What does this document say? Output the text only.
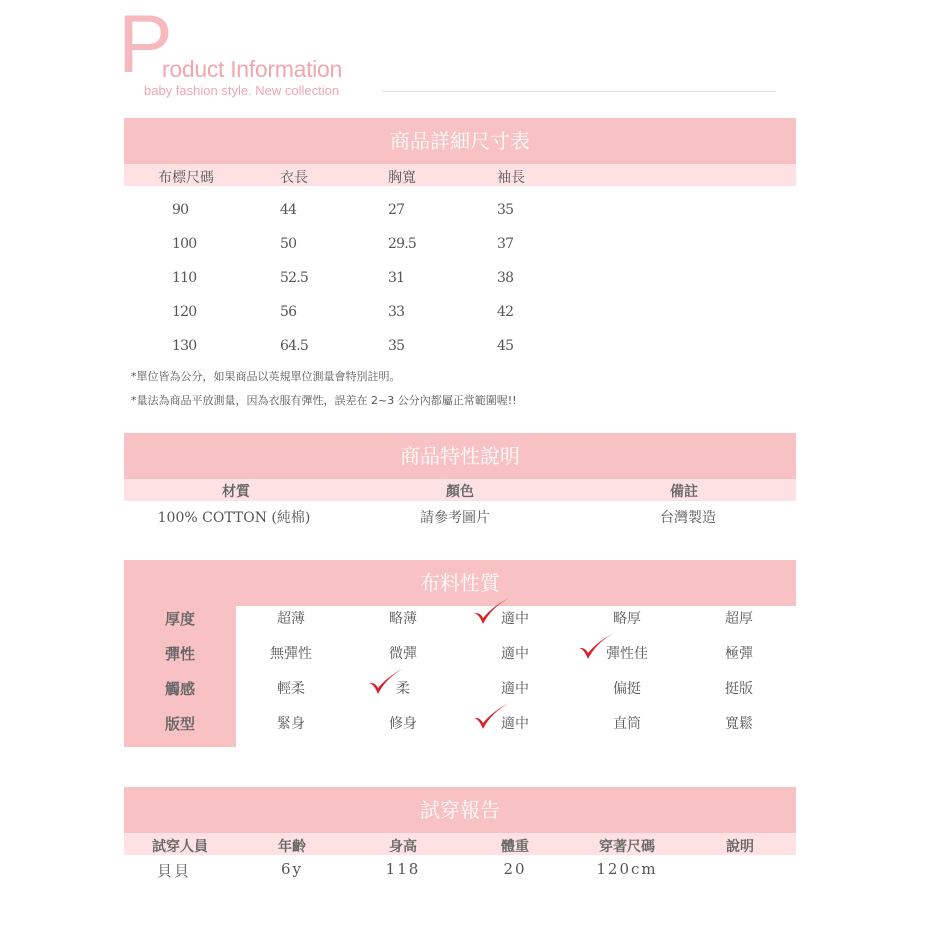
P
roduct Information
baby fashion style. New collection
商品詳細尺寸表
布標尺碼	衣長	胸寬	袖長
90	44	27	35
100	50	29.5	37
110	52.5	31	38
120	56	33	42
130	64.5	35	45
*單位皆為公分，如果商品以英規單位測量會特別註明。
*量法為商品平放測量，因為衣服有彈性，誤差在 2~3 公分內都屬正常範圍喔!!
商品特性說明
材質	顏色	備註
100% COTTON (純棉)	請參考圖片	台灣製造
布料性質
厚度	超薄	略薄	適中	略厚	超厚
彈性	無彈性	微彈	適中	彈性佳	極彈
觸感	輕柔	柔	適中	偏挺	挺版
版型	緊身	修身	適中	直筒	寬鬆
試穿報告
試穿人員	年齡	身高	體重	穿著尺碼	說明
貝貝	6y	118	20	120cm
